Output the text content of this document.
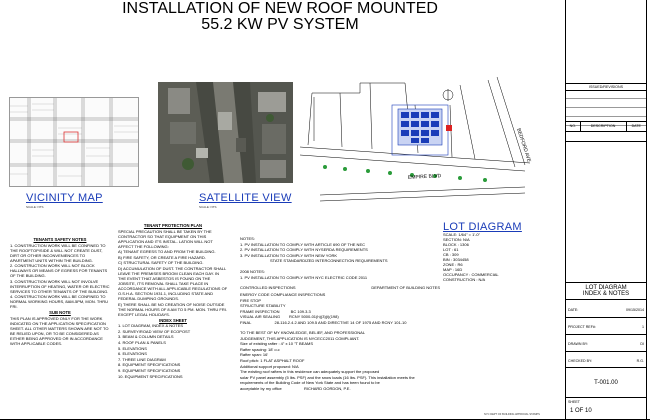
INSTALLATION OF NEW ROOF MOUNTED
55.2 KW PV SYSTEM
VICINITY MAP
SCALE: NTS
SATELLITE VIEW
SCALE: NTS
BEDFORD AVE
EMPIRE BLVD
LOT DIAGRAM
SCALE: 1/64" = 1'-0"
SECTION: N/A
BLOCK : 1306
LOT : 61
CB : 309
BIN : 3034458
ZONE : R6
MAP : 16D
OCCUPANCY : COMMERCIAL
CONSTRUCTION : N/A
TENANTS SAFETY NOTES
1. CONSTRUCTION WORK WILL BE CONFINED TO THE ROOFTOP/SIDE & WILL NOT CREATE DUST, DIRT OR OTHER INCONVENIENCES TO APARTMENT UNITS WITHIN THE BUILDING.
2. CONSTRUCTION WORK WILL NOT BLOCK HALLWAYS OR MEANS OF EGRESS FOR TENANTS OF THE BUILDING.
3. CONSTRUCTION WORK WILL NOT INVOLVE INTERRUPTION OF HEATING, WATER OR ELECTRIC SERVICES TO OTHER TENANTS OF THE BUILDING.
4. CONSTRUCTION WORK WILL BE CONFINED TO NORMAL WORKING HOURS, 8AM-5PM, MON. THRU FRI.
SUB NOTE
THIS PLAN IS APPROVED ONLY FOR THE WORK INDICATED ON THE APPLICATION SPECIFICATION SHEET. ALL OTHER MATTERS SHOWN ARE NOT TO BE RELIED UPON, OR TO BE CONSIDERED AS EITHER BEING APPROVED OR IN ACCORDANCE WITH APPLICABLE CODES.
TENANT PROTECTION PLAN
SPECIAL PRECAUTION SHALL BE TAKEN BY THE CONTRACTOR SO THAT EQUIPMENT ON THIS APPLICATION AND IT'S INSTAL- LATION WILL NOT AFFECT THE FOLLOWING:
A) TENANT EGRESS TO AND FROM THE BUILDING.
B) FIRE SAFETY, OR CREATE A FIRE HAZARD.
C) STRUCTURAL SAFETY OF THE BUILDING.
D) ACCUMULATION OF DUST. THE CONTRACTOR SHALL LEAVE THE PREMISES BROOM CLEAN EACH DAY. IN THE EVENT THAT ASBESTOS IS FOUND ON THE JOBSITE, IT'S REMOVAL SHALL TAKE PLACE IN ACCORDANCE WITH ALL APPLICABLE REGULATIONS OF O.S.H.A. SECTION 1931.1, INCLUDING STATE AND FEDERAL DUMPING GROUNDS.
E) THERE SHALL BE NO CREATION OF NOISE OUTSIDE THE NORMAL HOURS OF 8 AM TO 5 PM. MON. THRU FRI. EXCEPT LEGAL HOLIDAYS.
INDEX SHEET
1. LOT DIAGRAM, INDEX & NOTES
2. SURVEY/ROAD VIEW OF ECOPOST
3. BEAM & COLUMN DETAILS
4. ROOF PLAN & PANELS
5. ELEVATIONS
6. ELEVATIONS
7. THREE LINE DIAGRAM
8. EQUIPMENT SPECIFICATIONS
9. EQUIPMENT SPECIFICATIONS
10. EQUIPMENT SPECIFICATIONS
NOTES:
1. PV INSTALLATION TO COMPLY WITH ARTICLE 690 OF THE NEC
2. PV INSTALLATION TO COMPLY WITH NYSERDA REQUIREMENTS
3. PV INSTALLATION TO COMPLY WITH NEW YORK
STATE STANDARDIZED INTERCONNECTION REQUIREMENTS
2008 NOTES:
1. PV INSTALLATION TO COMPLY WITH NYC ELECTRIC CODE 2011
CONTROLLED INSPECTIONS	DEPARTMENT OF BUILDING NOTES
ENERGY CODE COMPLIANCE INSPECTIONS
FIRE STOP
STRUCTURE STABILITY
FRAME INSPECTION          BC 109.3.3
VISUAL AIR SEALING        RCNY 5000-01(h)(3)(i)(198)
FINAL                     28-116.2.4.2 AND 109.5 AND DIRECTIVE 14 OF 1975 AND RCNY 101-10
TO THE BEST OF MY KNOWLEDGE, BELIEF, AND PROFESSIONAL
JUDGEMENT, THIS APPLICATION IS NYCECC2011 COMPLIANT.
Size of existing rafter : 4" x 10 "T BEAMS
Rafter spacing: 18' o.c
Rafter span: 16'
Roof pitch: 1 FLAT ASPHALT ROOF
Additional support proposed: N/A
The existing roof rafters in this residence can adequately support the proposed
solar PV panel assembly (5 lbs. PSF) and the snow loads (16 lbs. PSF). This installation meets the
requirements of the Building Code of New York State and has been found to be
acceptable by my office                    RICHARD GORDON, P.E.
ISSUED/REVISIONS
NO.	DESCRIPTION	DATE
LOT DIAGRAM
INDEX & NOTES
DATE:	09/15/2014
PROJECT REF#:	1
DRAWN BY:	DI
CHECKED BY:	R.G.
T-001.00
SHEET
1 OF 10
NYC DEPT OF BUILDING APPROVAL STAMPS
